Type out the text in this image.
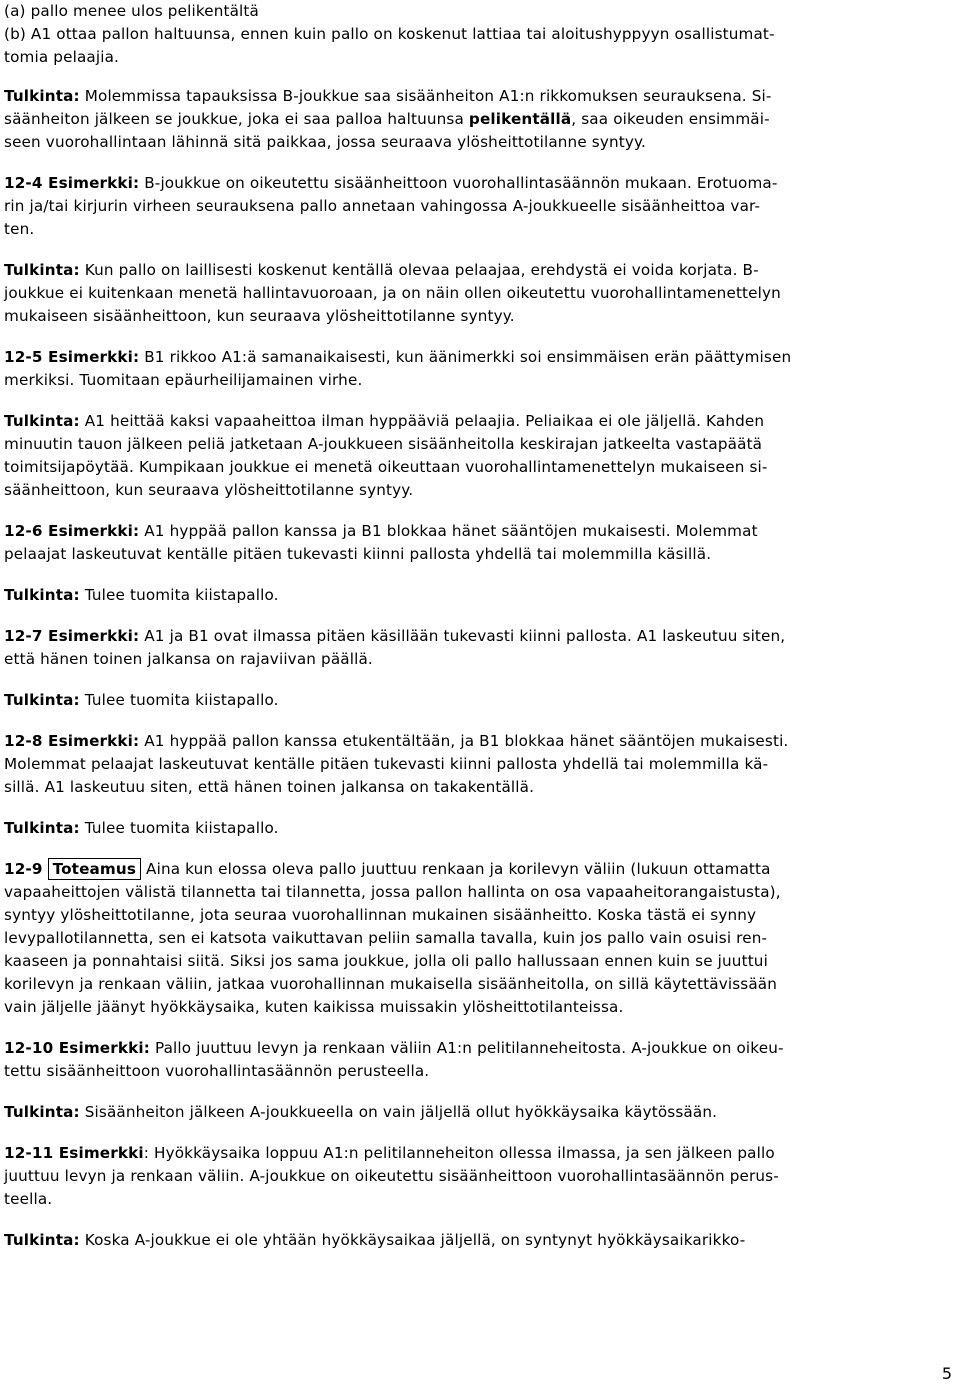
(a) pallo menee ulos pelikentältä

(b) A1 ottaa pallon haltuunsa, ennen kuin pallo on koskenut lattiaa tai aloitushyppyyn osallistumat-
tomia pelaajia.

Tulkinta: Molemmissa tapauksissa B-joukkue saa sisäänheiton A1:n rikkomuksen seurauksena. Si-
säänheiton jälkeen se joukkue, joka ei saa palloa haltuunsa pelikentällä, saa oikeuden ensimmäi-
seen vuorohallintaan lähinnä sitä paikkaa, jossa seuraava ylösheittotilanne syntyy.

12-4 Esimerkki: B-joukkue on oikeutettu sisäänheittoon vuorohallintasäännön mukaan. Erotuoma-
rin ja/tai kirjurin virheen seurauksena pallo annetaan vahingossa A-joukkueelle sisäänheittoa var-
ten.

Tulkinta: Kun pallo on laillisesti koskenut kentällä olevaa pelaajaa, erehdystä ei voida korjata. B-
joukkue ei kuitenkaan menetä hallintavuoroaan, ja on näin ollen oikeutettu vuorohallintamenettelyn
mukaiseen sisäänheittoon, kun seuraava ylösheittotilanne syntyy.

12-5 Esimerkki: B1 rikkoo A1:ä samanaikaisesti, kun äänimerkki soi ensimmäisen erän päättymisen
merkiksi. Tuomitaan epäurheilijamainen virhe.

Tulkinta: A1 heittää kaksi vapaaheittoa ilman hyppääviä pelaajia. Peliaikaa ei ole jäljellä. Kahden
minuutin tauon jälkeen peliä jatketaan A-joukkueen sisäänheitolla keskirajan jatkeelta vastapäätä
toimitsijapöytää. Kumpikaan joukkue ei menetä oikeuttaan vuorohallintamenettelyn mukaiseen si-
säänheittoon, kun seuraava ylösheittotilanne syntyy.

12-6 Esimerkki: A1 hyppää pallon kanssa ja B1 blokkaa hänet sääntöjen mukaisesti. Molemmat
pelaajat laskeutuvat kentälle pitäen tukevasti kiinni pallosta yhdellä tai molemmilla käsillä.

Tulkinta: Tulee tuomita kiistapallo.

12-7 Esimerkki: A1 ja B1 ovat ilmassa pitäen käsillään tukevasti kiinni pallosta. A1 laskeutuu siten,
että hänen toinen jalkansa on rajaviivan päällä.

Tulkinta: Tulee tuomita kiistapallo.

12-8 Esimerkki: A1 hyppää pallon kanssa etukentältään, ja B1 blokkaa hänet sääntöjen mukaisesti.
Molemmat pelaajat laskeutuvat kentälle pitäen tukevasti kiinni pallosta yhdellä tai molemmilla kä-
sillä. A1 laskeutuu siten, että hänen toinen jalkansa on takakentällä.

Tulkinta: Tulee tuomita kiistapallo.

12-9 Toteamus Aina kun elossa oleva pallo juuttuu renkaan ja korilevyn väliin (lukuun ottamatta
vapaaheittojen välistä tilannetta tai tilannetta, jossa pallon hallinta on osa vapaaheitorangaistusta),
syntyy ylösheittotilanne, jota seuraa vuorohallinnan mukainen sisäänheitto. Koska tästä ei synny
levypallotilannetta, sen ei katsota vaikuttavan peliin samalla tavalla, kuin jos pallo vain osuisi ren-
kaaseen ja ponnahtaisi siitä. Siksi jos sama joukkue, jolla oli pallo hallussaan ennen kuin se juuttui
korilevyn ja renkaan väliin, jatkaa vuorohallinnan mukaisella sisäänheitolla, on sillä käytettävissään
vain jäljelle jäänyt hyökkäysaika, kuten kaikissa muissakin ylösheittotilanteissa.

12-10 Esimerkki: Pallo juuttuu levyn ja renkaan väliin A1:n pelitilanneheitosta. A-joukkue on oikeu-
tettu sisäänheittoon vuorohallintasäännön perusteella.

Tulkinta: Sisäänheiton jälkeen A-joukkueella on vain jäljellä ollut hyökkäysaika käytössään.

12-11 Esimerkki: Hyökkäysaika loppuu A1:n pelitilanneheiton ollessa ilmassa, ja sen jälkeen pallo
juuttuu levyn ja renkaan väliin. A-joukkue on oikeutettu sisäänheittoon vuorohallintasäännön perus-
teella.

Tulkinta: Koska A-joukkue ei ole yhtään hyökkäysaikaa jäljellä, on syntynyt hyökkäysaikarikko-

5
